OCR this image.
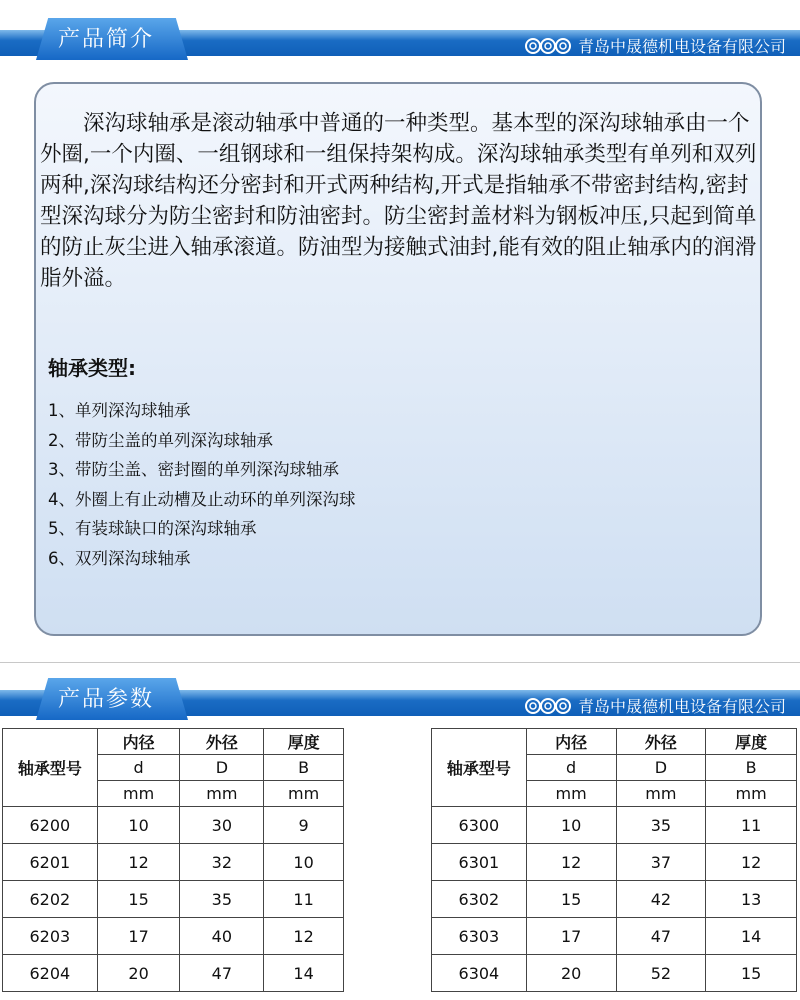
产品简介	青岛中晟德机电设备有限公司
深沟球轴承是滚动轴承中普通的一种类型。基本型的深沟球轴承由一个外圈,一个内圈、一组钢球和一组保持架构成。深沟球轴承类型有单列和双列两种,深沟球结构还分密封和开式两种结构,开式是指轴承不带密封结构,密封型深沟球分为防尘密封和防油密封。防尘密封盖材料为钢板冲压,只起到简单的防止灰尘进入轴承滚道。防油型为接触式油封,能有效的阻止轴承内的润滑脂外溢。
轴承类型:
1、单列深沟球轴承
2、带防尘盖的单列深沟球轴承
3、带防尘盖、密封圈的单列深沟球轴承
4、外圈上有止动槽及止动环的单列深沟球
5、有装球缺口的深沟球轴承
6、双列深沟球轴承
产品参数	青岛中晟德机电设备有限公司
轴承型号	内径	外径	厚度
	d	D	B
	mm	mm	mm
6200	10	30	9
6201	12	32	10
6202	15	35	11
6203	17	40	12
6204	20	47	14
轴承型号	内径	外径	厚度
	d	D	B
	mm	mm	mm
6300	10	35	11
6301	12	37	12
6302	15	42	13
6303	17	47	14
6304	20	52	15
